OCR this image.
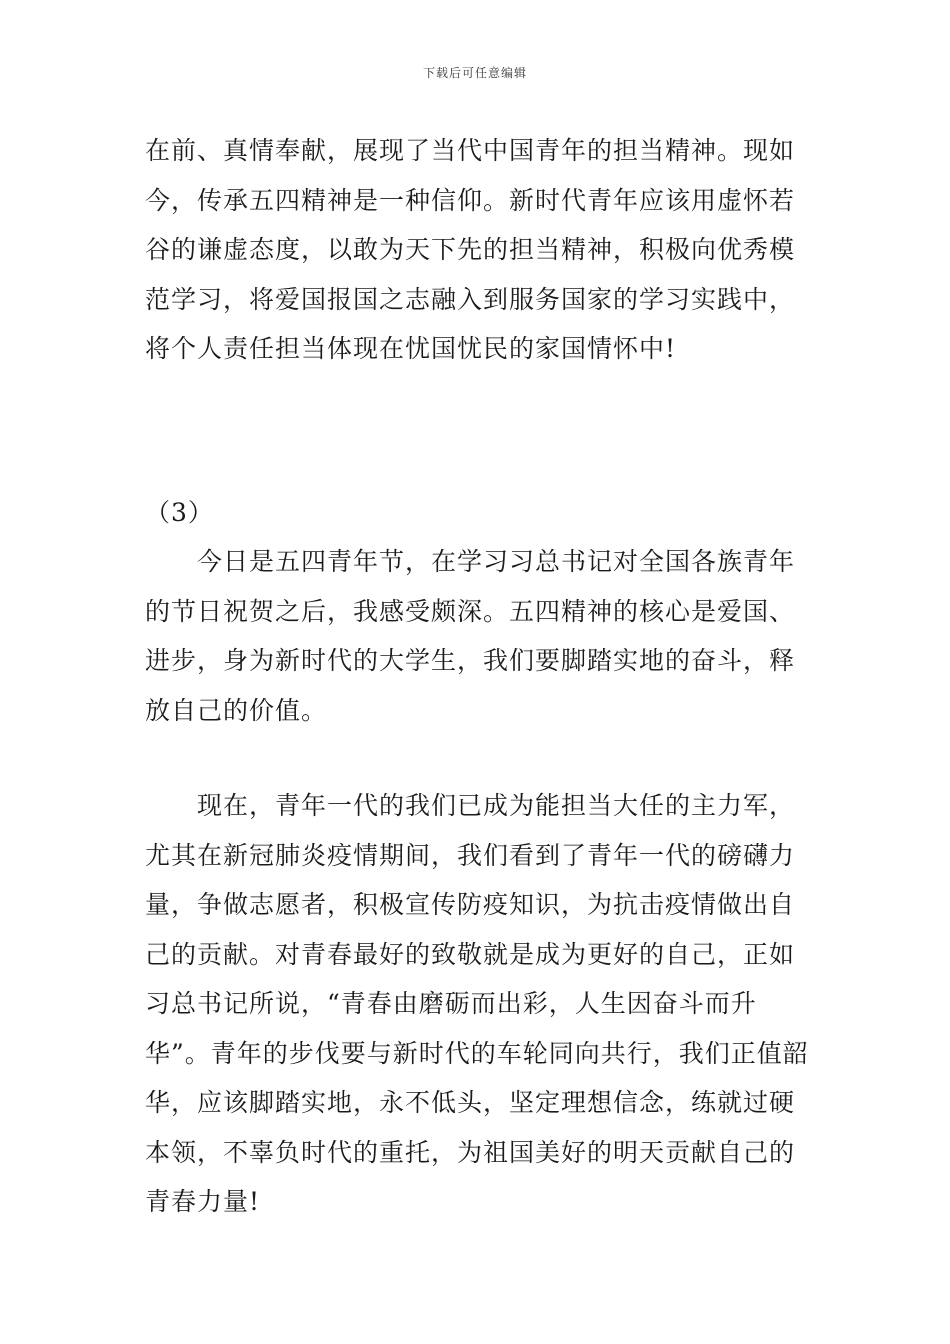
下载后可任意编辑

在前、真情奉献，展现了当代中国青年的担当精神。现如今，传承五四精神是一种信仰。新时代青年应该用虚怀若谷的谦虚态度，以敢为天下先的担当精神，积极向优秀模范学习，将爱国报国之志融入到服务国家的学习实践中，将个人责任担当体现在忧国忧民的家国情怀中!

（3）

今日是五四青年节，在学习习总书记对全国各族青年的节日祝贺之后，我感受颇深。五四精神的核心是爱国、进步，身为新时代的大学生，我们要脚踏实地的奋斗，释放自己的价值。

现在，青年一代的我们已成为能担当大任的主力军，尤其在新冠肺炎疫情期间，我们看到了青年一代的磅礴力量，争做志愿者，积极宣传防疫知识，为抗击疫情做出自己的贡献。对青春最好的致敬就是成为更好的自己，正如习总书记所说，“青春由磨砺而出彩，人生因奋斗而升华”。青年的步伐要与新时代的车轮同向共行，我们正值韶华，应该脚踏实地，永不低头，坚定理想信念，练就过硬本领，不辜负时代的重托，为祖国美好的明天贡献自己的青春力量!
